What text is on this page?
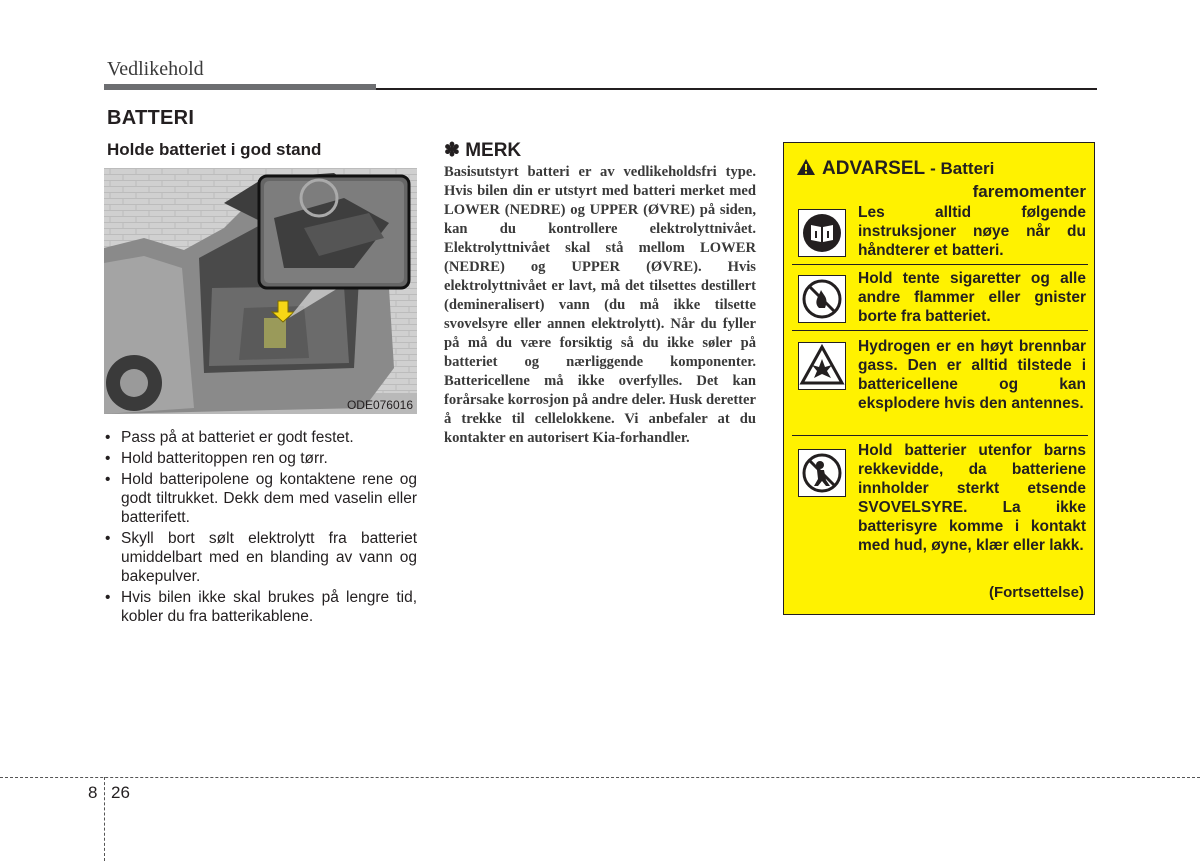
Vedlikehold
BATTERI
Holde batteriet i god stand
ODE076016
• Pass på at batteriet er godt festet.
• Hold batteritoppen ren og tørr.
• Hold batteripolene og kontaktene rene og godt tiltrukket. Dekk dem med vaselin eller batterifett.
• Skyll bort sølt elektrolytt fra batteriet umiddelbart med en blanding av vann og bakepulver.
• Hvis bilen ikke skal brukes på lengre tid, kobler du fra batterikablene.
✽ MERK

Basisutstyrt batteri er av vedlikeholdsfri type. Hvis bilen din er utstyrt med batteri merket med LOWER (NEDRE) og UPPER (ØVRE) på siden, kan du kontrollere elektrolyttnivået. Elektrolyttnivået skal stå mellom LOWER (NEDRE) og UPPER (ØVRE). Hvis elektrolyttnivået er lavt, må det tilsettes destillert (demineralisert) vann (du må ikke tilsette svovelsyre eller annen elektrolytt). Når du fyller på må du være forsiktig så du ikke søler på batteriet og nærliggende komponenter. Battericellene må ikke overfylles. Det kan forårsake korrosjon på andre deler. Husk deretter å trekke til cellelokkene. Vi anbefaler at du kontakter en autorisert Kia-forhandler.

ADVARSEL - Batteri
faremomenter
Les alltid følgende instruksjoner nøye når du håndterer et batteri.
Hold tente sigaretter og alle andre flammer eller gnister borte fra batteriet.
Hydrogen er en høyt brennbar gass. Den er alltid tilstede i battericellene og kan eksplodere hvis den antennes.
Hold batterier utenfor barns rekkevidde, da batteriene innholder sterkt etsende SVOVELSYRE. La ikke batterisyre komme i kontakt med hud, øyne, klær eller lakk.
(Fortsettelse)
8 26
